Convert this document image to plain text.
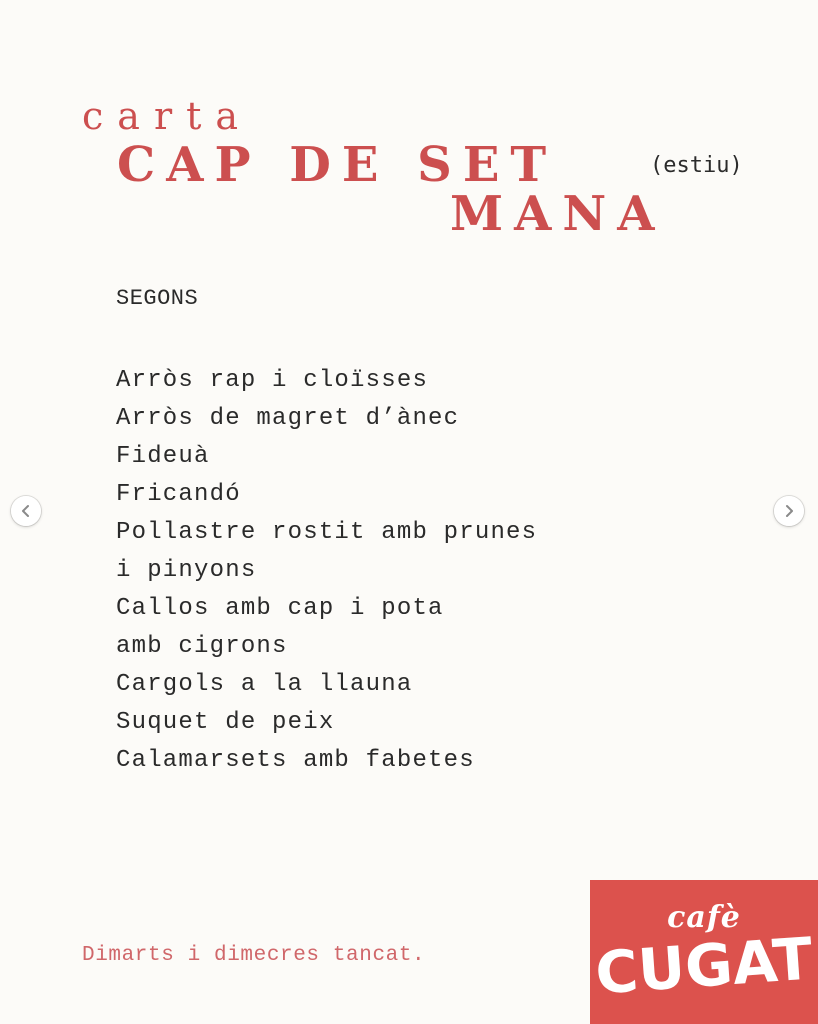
carta
CAP DE SET
MANA
(estiu)
SEGONS
Arròs rap i cloïsses
Arròs de magret d’ànec
Fideuà
Fricandó
Pollastre rostit amb prunes
i pinyons
Callos amb cap i pota
amb cigrons
Cargols a la llauna
Suquet de peix
Calamarsets amb fabetes
Dimarts i dimecres tancat.
cafè
CUGAT
